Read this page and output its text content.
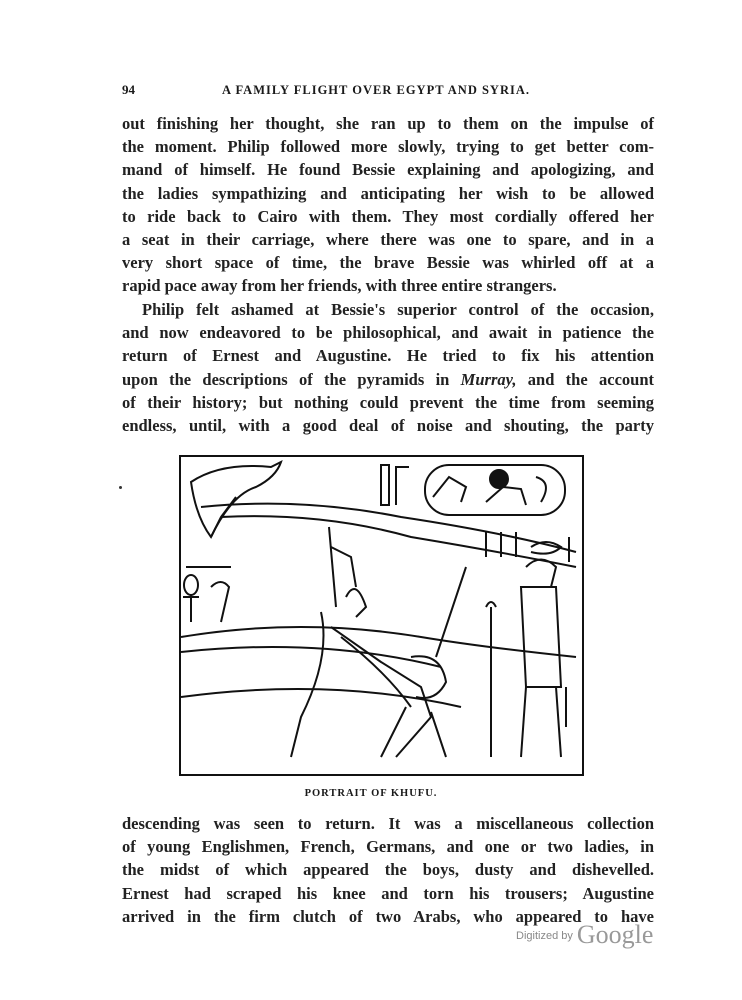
94	A FAMILY FLIGHT OVER EGYPT AND SYRIA.
out finishing her thought, she ran up to them on the impulse of
the moment. Philip followed more slowly, trying to get better com-
mand of himself. He found Bessie explaining and apologizing, and
the ladies sympathizing and anticipating her wish to be allowed
to ride back to Cairo with them. They most cordially offered her
a seat in their carriage, where there was one to spare, and in a
very short space of time, the brave Bessie was whirled off at a
rapid pace away from her friends, with three entire strangers.
Philip felt ashamed at Bessie's superior control of the occasion,
and now endeavored to be philosophical, and await in patience the
return of Ernest and Augustine. He tried to fix his attention
upon the descriptions of the pyramids in Murray, and the account
of their history; but nothing could prevent the time from seeming
endless, until, with a good deal of noise and shouting, the party
PORTRAIT OF KHUFU.
descending was seen to return. It was a miscellaneous collection
of young Englishmen, French, Germans, and one or two ladies, in
the midst of which appeared the boys, dusty and dishevelled.
Ernest had scraped his knee and torn his trousers; Augustine
arrived in the firm clutch of two Arabs, who appeared to have
$^{Digitized by}$ Google
